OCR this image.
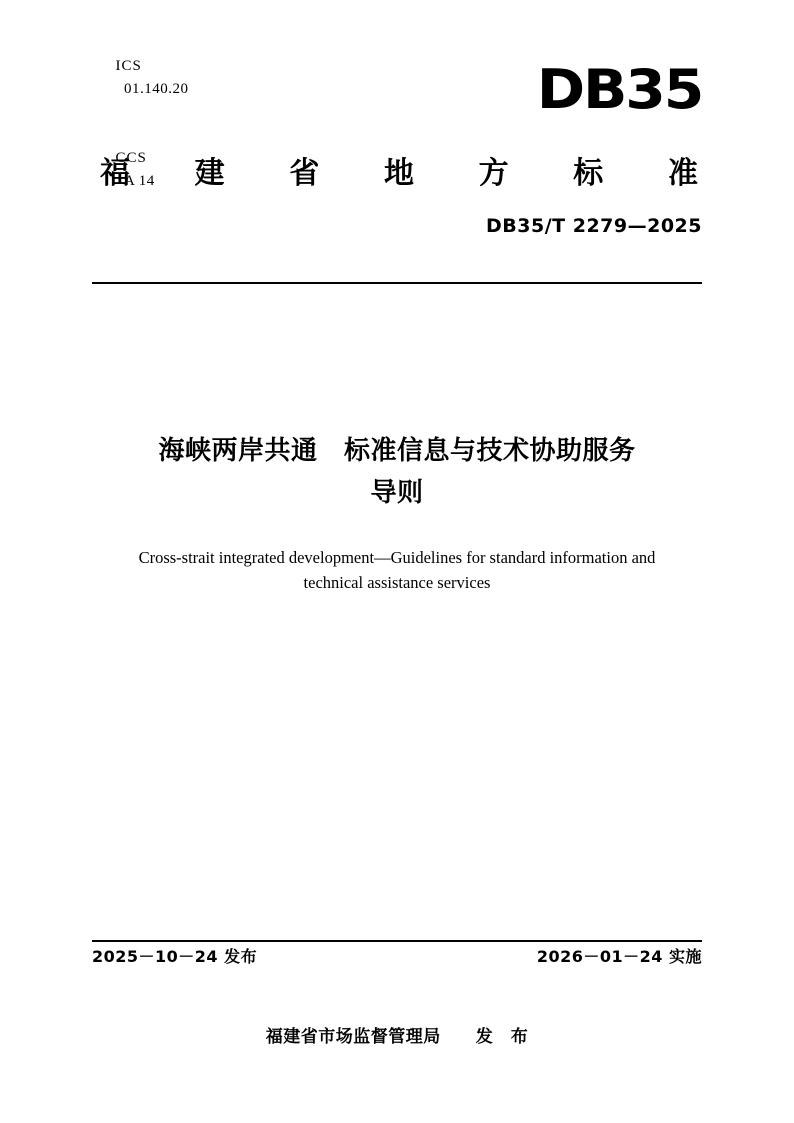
ICS
01.140.20

CCS
A 14

DB35
福 建 省 地 方 标 准
DB35/T 2279—2025
海峡两岸共通　标准信息与技术协助服务
导则
Cross-strait integrated development—Guidelines for standard information and technical assistance services
2025－10－24 发布	2026－01－24 实施
福建省市场监督管理局　　发　布
